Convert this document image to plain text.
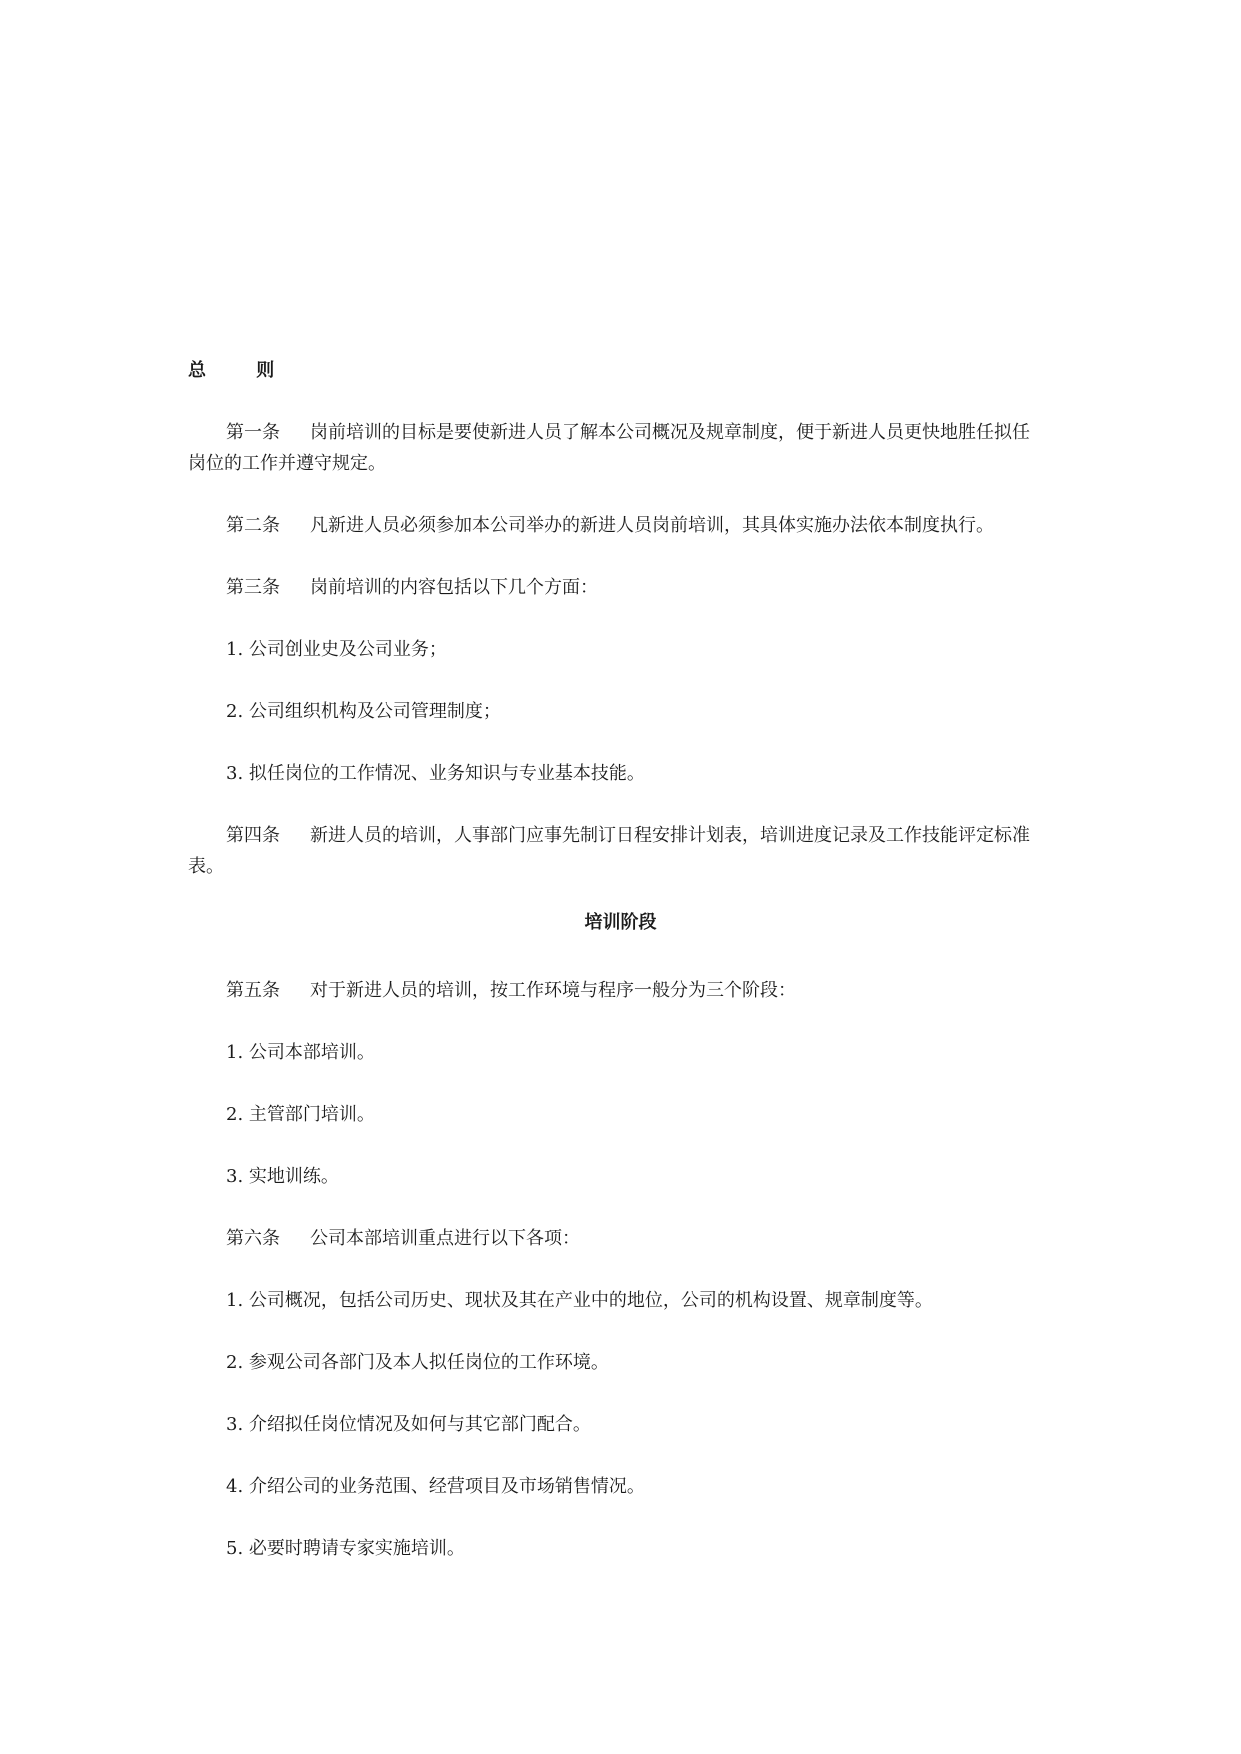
总 则
第一条 岗前培训的目标是要使新进人员了解本公司概况及规章制度，便于新进人员更快地胜任拟任
岗位的工作并遵守规定。
第二条 凡新进人员必须参加本公司举办的新进人员岗前培训，其具体实施办法依本制度执行。
第三条 岗前培训的内容包括以下几个方面：
1. 公司创业史及公司业务；
2. 公司组织机构及公司管理制度；
3. 拟任岗位的工作情况、业务知识与专业基本技能。
第四条 新进人员的培训，人事部门应事先制订日程安排计划表，培训进度记录及工作技能评定标准
表。
培训阶段
第五条 对于新进人员的培训，按工作环境与程序一般分为三个阶段：
1. 公司本部培训。
2. 主管部门培训。
3. 实地训练。
第六条 公司本部培训重点进行以下各项：
1. 公司概况，包括公司历史、现状及其在产业中的地位，公司的机构设置、规章制度等。
2. 参观公司各部门及本人拟任岗位的工作环境。
3. 介绍拟任岗位情况及如何与其它部门配合。
4. 介绍公司的业务范围、经营项目及市场销售情况。
5. 必要时聘请专家实施培训。
